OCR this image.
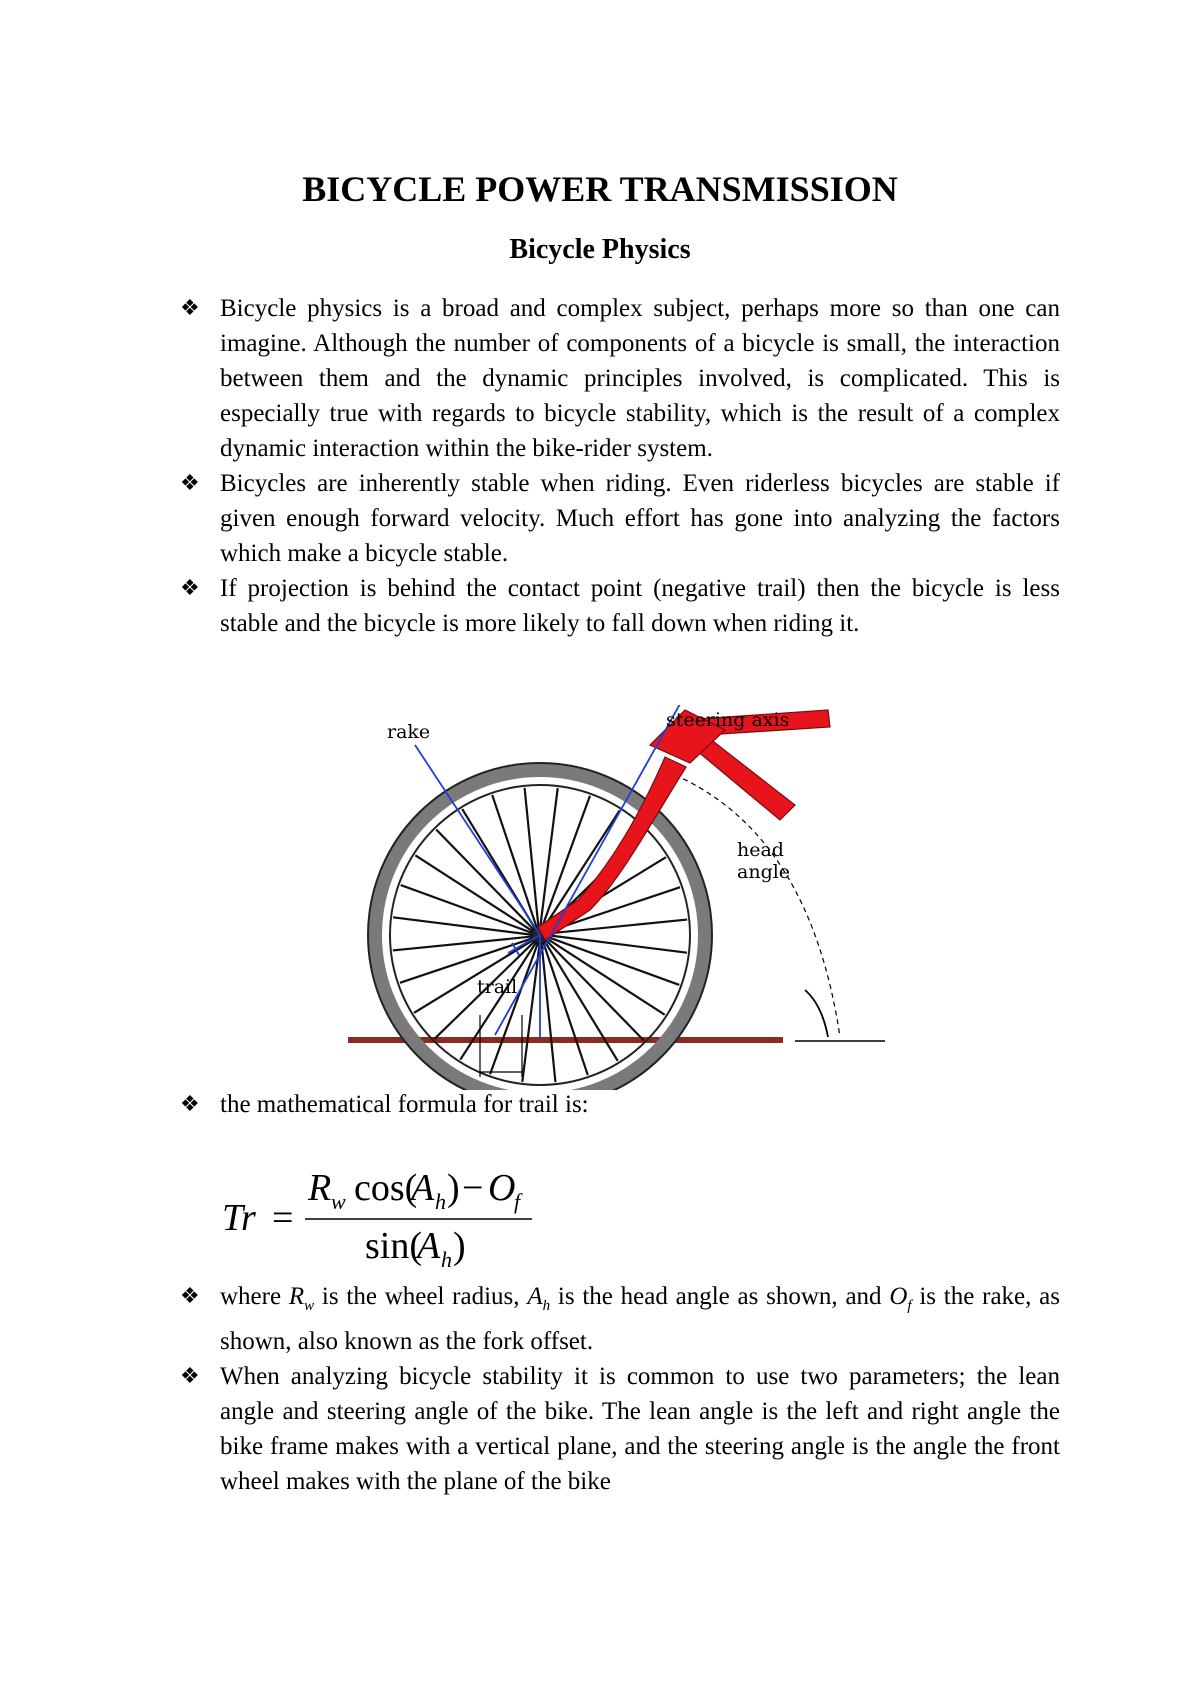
BICYCLE POWER TRANSMISSION
Bicycle Physics
❖ Bicycle physics is a broad and complex subject, perhaps more so than one can imagine. Although the number of components of a bicycle is small, the interaction between them and the dynamic principles involved, is complicated. This is especially true with regards to bicycle stability, which is the result of a complex dynamic interaction within the bike-rider system.
❖ Bicycles are inherently stable when riding. Even riderless bicycles are stable if given enough forward velocity. Much effort has gone into analyzing the factors which make a bicycle stable.
❖ If projection is behind the contact point (negative trail) then the bicycle is less stable and the bicycle is more likely to fall down when riding it.
steering axis
rake
head
angle
trail
❖ the mathematical formula for trail is:
Tr =
R w cos(
A h ) − O
f
sin(
A h )
❖ where $R_w$ is the wheel radius, $A_h$ is the head angle as shown, and $O_f$ is the rake, as shown, also known as the fork offset.
❖ When analyzing bicycle stability it is common to use two parameters; the lean angle and steering angle of the bike. The lean angle is the left and right angle the bike frame makes with a vertical plane, and the steering angle is the angle the front wheel makes with the plane of the bike
